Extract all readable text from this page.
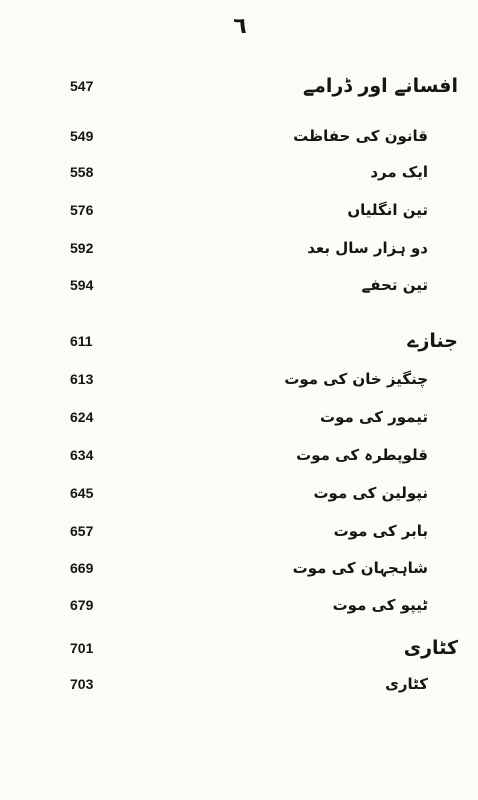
٦
547	افسانے اور ڈرامے
549	قانون کی حفاظت
558	ایک مرد
576	تین انگلیاں
592	دو ہزار سال بعد
594	تین تحفے
611	جنازے
613	چنگیز خان کی موت
624	تیمور کی موت
634	قلوپطرہ کی موت
645	نپولین کی موت
657	بابر کی موت
669	شاہجہان کی موت
679	ٹیپو کی موت
701	کٹاری
703	کٹاری
